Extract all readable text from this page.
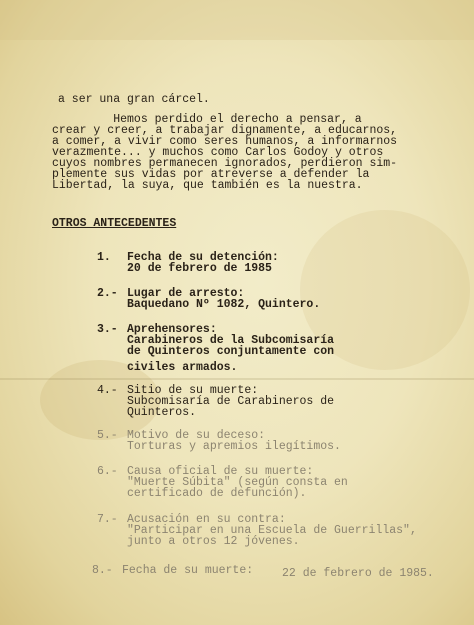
a ser una gran cárcel.
Hemos perdido el derecho a pensar, a
crear y creer, a trabajar dignamente, a educarnos,
a comer, a vivir como seres humanos, a informarnos
verazmente... y muchos como Carlos Godoy y otros
cuyos nombres permanecen ignorados, perdieron sim-
plemente sus vidas por atreverse a defender la
Libertad, la suya, que también es la nuestra.
OTROS ANTECEDENTES
1. Fecha de su detención:
20 de febrero de 1985
2.- Lugar de arresto:
Baquedano Nº 1082, Quintero.
3.- Aprehensores:
Carabineros de la Subcomisaría
de Quinteros conjuntamente con
civiles armados.
4.- Sitio de su muerte:
Subcomisaría de Carabineros de
Quinteros.
5.- Motivo de su deceso:
Torturas y apremios ilegítimos.
6.- Causa oficial de su muerte:
"Muerte Súbita" (según consta en
certificado de defunción).
7.- Acusación en su contra:
"Participar en una Escuela de Guerrillas",
junto a otros 12 jóvenes.
8.- Fecha de su muerte:	22 de febrero de 1985.
